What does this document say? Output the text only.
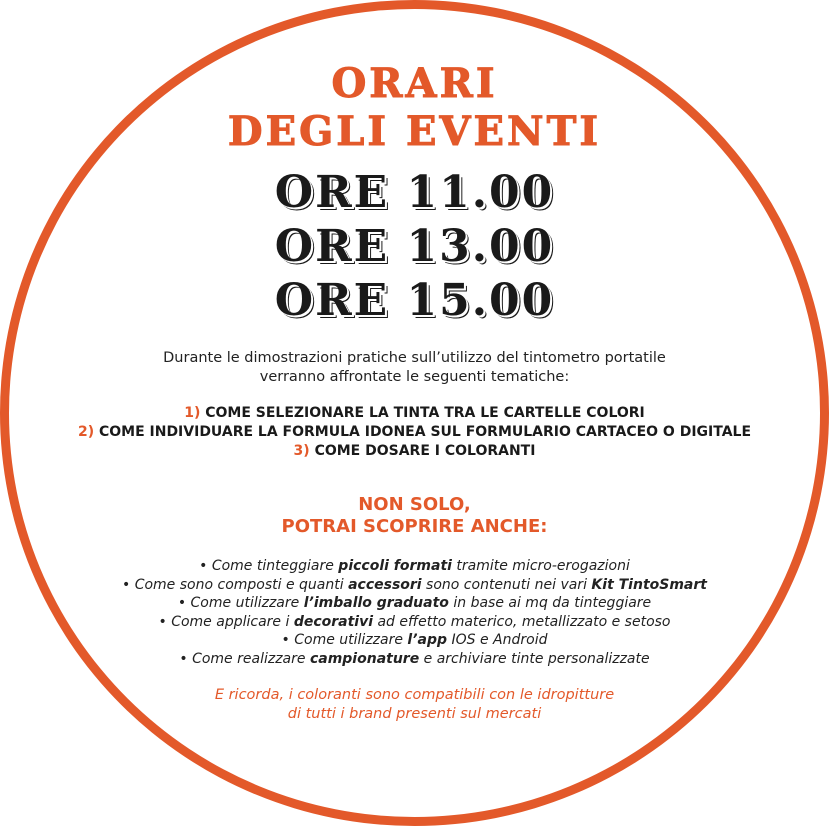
ORARI
DEGLI EVENTI
ORE 11.00
ORE 13.00
ORE 15.00
Durante le dimostrazioni pratiche sull’utilizzo del tintometro portatile
verranno affrontate le seguenti tematiche:
1) COME SELEZIONARE LA TINTA TRA LE CARTELLE COLORI
2) COME INDIVIDUARE LA FORMULA IDONEA SUL FORMULARIO CARTACEO O DIGITALE
3) COME DOSARE I COLORANTI
NON SOLO,
POTRAI SCOPRIRE ANCHE:
• Come tinteggiare piccoli formati tramite micro-erogazioni
• Come sono composti e quanti accessori sono contenuti nei vari Kit TintoSmart
• Come utilizzare l’imballo graduato in base ai mq da tinteggiare
• Come applicare i decorativi ad effetto materico, metallizzato e setoso
• Come utilizzare l’app IOS e Android
• Come realizzare campionature e archiviare tinte personalizzate
E ricorda, i coloranti sono compatibili con le idropitture
di tutti i brand presenti sul mercati
